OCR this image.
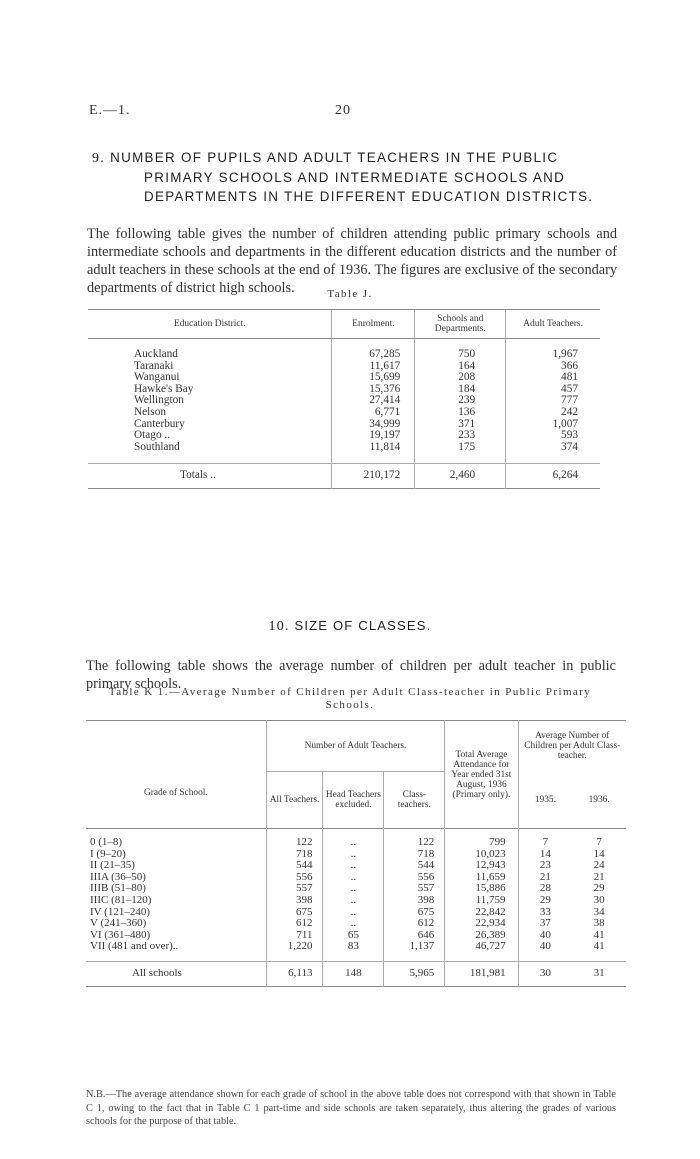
E.—1.	20
9. NUMBER OF PUPILS AND ADULT TEACHERS IN THE PUBLIC
PRIMARY SCHOOLS AND INTERMEDIATE SCHOOLS AND
DEPARTMENTS IN THE DIFFERENT EDUCATION DISTRICTS.

The following table gives the number of children attending public primary schools and intermediate schools and departments in the different education districts and the number of adult teachers in these schools at the end of 1936. The figures are exclusive of the secondary departments of district high schools.	Table J.
Education District.	Enrolment.	Schools and Departments.	Adult Teachers.
Auckland	67,285	750	1,967
Taranaki	11,617	164	366
Wanganui	15,699	208	481
Hawke's Bay	15,376	184	457
Wellington	27,414	239	777
Nelson	6,771	136	242
Canterbury	34,999	371	1,007
Otago ..	19,197	233	593
Southland	11,814	175	374
Totals ..	210,172	2,460	6,264
10. SIZE OF CLASSES.

The following table shows the average number of children per adult teacher in public primary schools.

Table K 1.—Average Number of Children per Adult Class-teacher in Public Primary
Schools.
Grade of School.	Number of Adult Teachers.			Total Average Attendance for Year ended 31st August, 1936 (Primary only).	Average Number of Children per Adult Class-teacher.	
	All Teachers.	Head Teachers excluded.	Class-teachers.		1935.	1936.
0 (1–8)	122	..	122	799	7	7
I (9–20)	718	..	718	10,023	14	14
II (21–35)	544	..	544	12,943	23	24
IIIA (36–50)	556	..	556	11,659	21	21
IIIB (51–80)	557	..	557	15,886	28	29
IIIC (81–120)	398	..	398	11,759	29	30
IV (121–240)	675	..	675	22,842	33	34
V (241–360)	612	..	612	22,934	37	38
VI (361–480)	711	65	646	26,389	40	41
VII (481 and over)..	1,220	83	1,137	46,727	40	41
All schools	6,113	148	5,965	181,981	30	31

N.B.—The average attendance shown for each grade of school in the above table does not correspond with that shown in Table C 1, owing to the fact that in Table C 1 part-time and side schools are taken separately, thus altering the grades of various schools for the purpose of that table.
